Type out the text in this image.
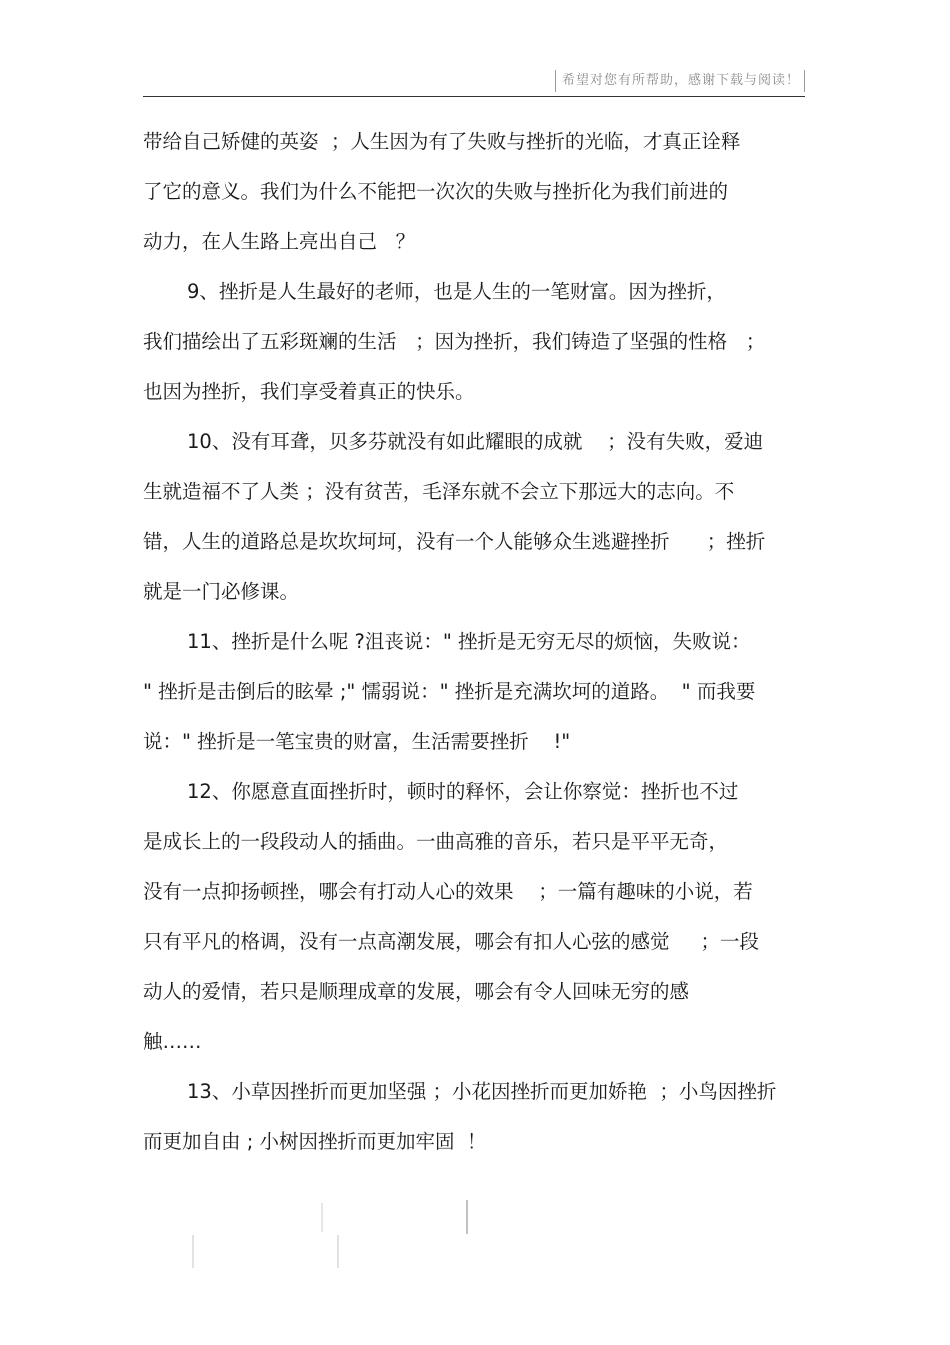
希望对您有所帮助，感谢下载与阅读！
带给自己矫健的英姿  ；人生因为有了失败与挫折的光临，才真正诠释
了它的意义。我们为什么不能把一次次的失败与挫折化为我们前进的
动力，在人生路上亮出自己   ？
9、挫折是人生最好的老师，也是人生的一笔财富。因为挫折，
我们描绘出了五彩斑斓的生活   ；因为挫折，我们铸造了坚强的性格   ；
也因为挫折，我们享受着真正的快乐。
10、没有耳聋，贝多芬就没有如此耀眼的成就    ；没有失败，爱迪
生就造福不了人类 ；没有贫苦，毛泽东就不会立下那远大的志向。不
错，人生的道路总是坎坎坷坷，没有一个人能够众生逃避挫折      ；挫折
就是一门必修课。
11、挫折是什么呢 ?沮丧说：" 挫折是无穷无尽的烦恼，失败说：
" 挫折是击倒后的眩晕 ;" 懦弱说：" 挫折是充满坎坷的道路。  " 而我要
说：" 挫折是一笔宝贵的财富，生活需要挫折    !"
12、你愿意直面挫折时，顿时的释怀，会让你察觉：挫折也不过
是成长上的一段段动人的插曲。一曲高雅的音乐，若只是平平无奇，
没有一点抑扬顿挫，哪会有打动人心的效果    ；一篇有趣味的小说，若
只有平凡的格调，没有一点高潮发展，哪会有扣人心弦的感觉     ；一段
动人的爱情，若只是顺理成章的发展，哪会有令人回味无穷的感
触……
13、小草因挫折而更加坚强 ；小花因挫折而更加娇艳  ；小鸟因挫折
而更加自由 ; 小树因挫折而更加牢固  ！
